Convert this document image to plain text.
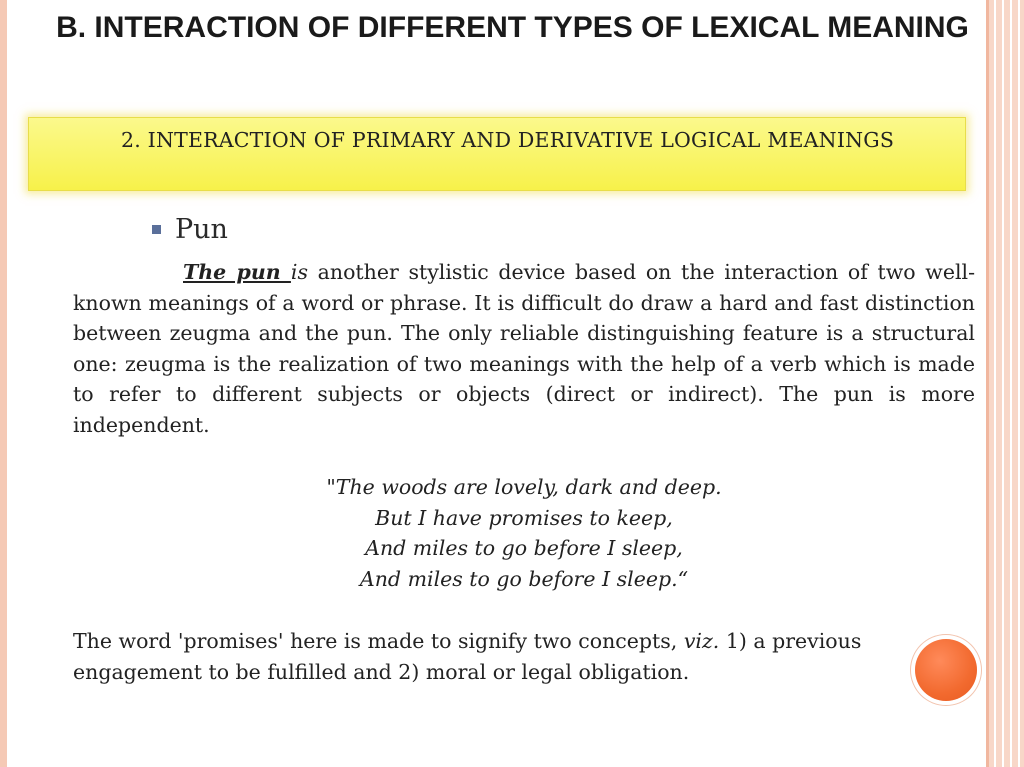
B. INTERACTION OF DIFFERENT TYPES OF LEXICAL MEANING

2. INTERACTION OF PRIMARY AND DERIVATIVE LOGICAL MEANINGS

Pun

The pun is another stylistic device based on the interaction of two well-known meanings of a word or phrase. It is difficult do draw a hard and fast distinction between zeugma and the pun. The only reliable distinguishing feature is a structural one: zeugma is the realization of two meanings with the help of a verb which is made to refer to different subjects or objects (direct or indirect). The pun is more independent.

"The woods are lovely, dark and deep.
But I have promises to keep,
And miles to go before I sleep,
And miles to go before I sleep.“

The word 'promises' here is made to signify two concepts, viz. 1) a previous engagement to be fulfilled and 2) moral or legal obligation.
